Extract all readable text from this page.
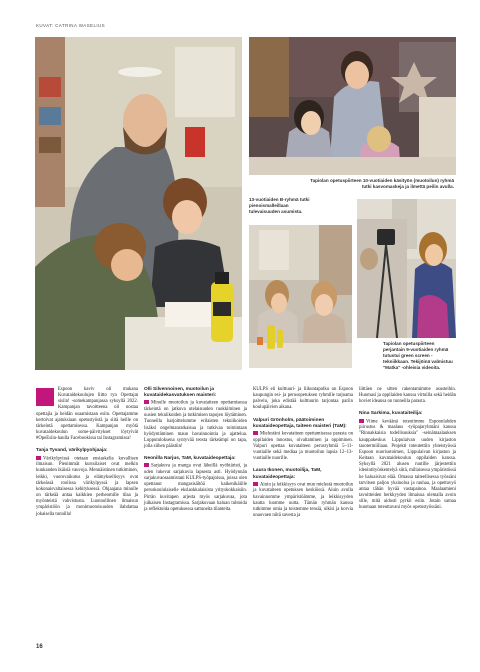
KUVAT: CATRINA WASELIUS
Tapiolan opetuspiirteen 10-vuotiaiden käsityön (muotoilun) ryhmä tutki kasvomaskeja ja ilmettä peilin avulla.
13-vuotiaiden B-ryhmä tutki pienoismalleillaan tulevaisuuden asumista.
Tapiolan opetuspiirteen perjantain 9-vuotiaiden ryhmä tutustui green screen -tekniikkaan. Tekijöinä valmistuu "Matka" -ohleisia videoita.

Espoon kaviv oli mukana Kuvataidekoulujen liitto ryn Opettajat sisiin! -somekampanjassa syksyllä 2022. Kampanjan tavoitteena oli nostaa opettajia ja heidän osaamistaan esiin. Opettajamme kertoivat ajatuksiaan opetustyöstä ja siitä heille on tärkeintä opettamisessa. Kampanjan myötä kuvataidekoulun some-päivitykset löytyivät #OpeEsiin-haulla Facebookissa tai Instagramissa!

Tanja Tyvand, värikylpyohjaaja:

Värikylpyissä otetaan ensiaskelia kuvallisen ilmaisun. Pienimmät kurssilaiset ovat melkin kunkanden ikäisiä vauvoja. Mennäistinen tutkiminen, leikki, vuorovaikutus ja elämyksellisyys ovat tärkeässä roolissa värikylpyssä ja lapsen kokonaisvaltaisessa kehityksessä. Ohjaajana minulle on tärkeää antaa kaikkien perheomille tilaa ja myönteistä vahvistusta. Luonnollinen ilmaisun ympäristöön ja monimuotoisuuden ilahdattaa jokaisella tunnilla!

Olli Silvennoinen, muotoilun ja kuvataidekasvatuksen maisteri:

Minulle muotoilun ja kuvataiteen opettamisessa tärkeintä on jatkuva utelaisuuden ruokkiminen ja uusien tekniikoiden ja tutkimisen tapojen löytäminen. Tunneilla harjoittelumme erilaisten tekniikoiden lisäksi ongelmanratkaisua ja tutkivaa toimintaan hyödyntäminen maun havainnointia ja ajattelua. Lopputuloksena syntyvää teosta tärkeämpi on tapa, jolla siihen päästiin!

Neonilla Narjus, TaM, kuvataideopettaja:

Sarjakuva ja manga ovat läheillä nyöhtäristi, ja uden lukevat sarjakuvia lapsesta asti. Hyödynnän sarjakuvaosaamistani KULPS-työpajoissa, joissa olen opettanut mangasisältöä kaikenikäiille peruskoululaiselle ekslaokkalaisista yrityskokkaisiin. Pirrän kuvitapen arjesta myös sarjakuvaa, jota julkaisen Instagramissa. Sarjakuvaan haluan tuhtoida ja reflektoida opetuksessa sattuneita tilanteita.

KULPS eli kulttuuri- ja liikuntapolku on Espoon kaupungin esi- ja perusopetuksen ryhmille tarjoama palvelu, joka edistää kulttuurin tarjontaa pariin koulupäivien aikana.

Valpuri Grönholm, päätoiminen kuvataideopettaja, taiteen maisteri (TaM):

Mielestäni kuvataiteen opettamisessa parasta on oppilaiden innostus, oivaltaminen ja oppiminen. Valpuri opettaa kuvataiteen perusryhmiä 5–11-vuotiaille sekä mediaa ja muotoilun lapsia 12–13-vuotiaille nuorille.

Laura Ikonen, muotoilija, TaM, kuvataideopettaja:

Aiuin ja leikkisyys ovat mun mielestä muotoilun ja kuvataiteen opetuksen keskiössä. Aiuin avulla havainnomme ympäristöämme, ja leikkisyyden kautta luomme uutta. Tämän ryhmän kanssa tutkimme omia ja toistemme tensiä, ulkisi ja korvia unaovaen niitä savesta ja

liittäen ne sitten rakentamimme asusteihin. Huomasi ja oppilaiden kanssa virtuilla sekä heidän hoviet ideansa on tunneilla parasta.

Nina Sarkima, kuvataiteilija:

Viime keväänä toteutimme Espoonlahden piirustus & maalaus -työpajaryhmäni kanssa "Rinnakkaisia todellisuuksia" -seinämaalauksen kauppakeskus Lippulaivan uuden kirjaston tasotermiiliaan. Projekti toteutettiin yhteistyössä Espoon nuorisotoimen, Lippulaivan kirjaston ja Keitaan kuvataidekoulun oppilaiden kanssa. Syksyllä 2021 alusen ruutille järjestettiin ideointityöskentelyä siitä, millaisessa ympäristössä he haluaisivat elää. Omassa taiteellisessa työssäni tarvitsen paljon yksinoloa ja rauhaa, ja opettavyö antaa tähän hyvää vastapainoa. Maalaamieni tavoitteiden herkkyyden ilmaisua olemalla avoin sille, mitä aidosti pyrkii esiin. Jotain samaa huomaan toteuttavani myös opetustyössäni.

16
